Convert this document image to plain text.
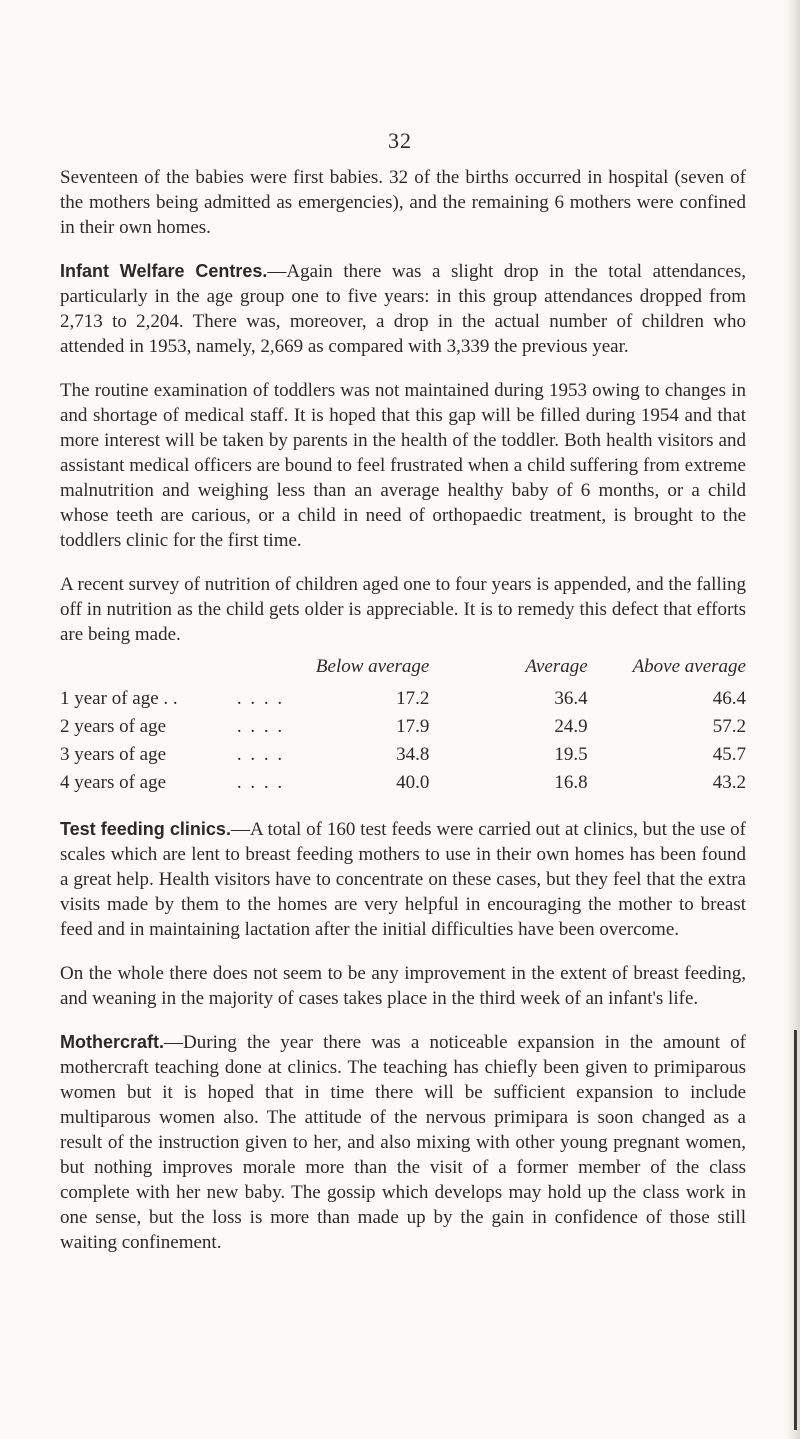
32

Seventeen of the babies were first babies. 32 of the births occurred in hospital (seven of the mothers being admitted as emergencies), and the remaining 6 mothers were confined in their own homes.

Infant Welfare Centres.—Again there was a slight drop in the total attendances, particularly in the age group one to five years: in this group attendances dropped from 2,713 to 2,204. There was, moreover, a drop in the actual number of children who attended in 1953, namely, 2,669 as compared with 3,339 the previous year.

The routine examination of toddlers was not maintained during 1953 owing to changes in and shortage of medical staff. It is hoped that this gap will be filled during 1954 and that more interest will be taken by parents in the health of the toddler. Both health visitors and assistant medical officers are bound to feel frustrated when a child suffering from extreme malnutrition and weighing less than an average healthy baby of 6 months, or a child whose teeth are carious, or a child in need of orthopaedic treatment, is brought to the toddlers clinic for the first time.

A recent survey of nutrition of children aged one to four years is appended, and the falling off in nutrition as the child gets older is appreciable. It is to remedy this defect that efforts are being made.

		Below average	Average	Above average
1 year of age . .	. . . .	17.2	36.4	46.4
2 years of age	. . . .	17.9	24.9	57.2
3 years of age	. . . .	34.8	19.5	45.7
4 years of age	. . . .	40.0	16.8	43.2

Test feeding clinics.—A total of 160 test feeds were carried out at clinics, but the use of scales which are lent to breast feeding mothers to use in their own homes has been found a great help. Health visitors have to concentrate on these cases, but they feel that the extra visits made by them to the homes are very helpful in encouraging the mother to breast feed and in maintaining lactation after the initial difficulties have been overcome.

On the whole there does not seem to be any improvement in the extent of breast feeding, and weaning in the majority of cases takes place in the third week of an infant's life.

Mothercraft.—During the year there was a noticeable expansion in the amount of mothercraft teaching done at clinics. The teaching has chiefly been given to primiparous women but it is hoped that in time there will be sufficient expansion to include multiparous women also. The attitude of the nervous primipara is soon changed as a result of the instruction given to her, and also mixing with other young pregnant women, but nothing improves morale more than the visit of a former member of the class complete with her new baby. The gossip which develops may hold up the class work in one sense, but the loss is more than made up by the gain in confidence of those still waiting confinement.
